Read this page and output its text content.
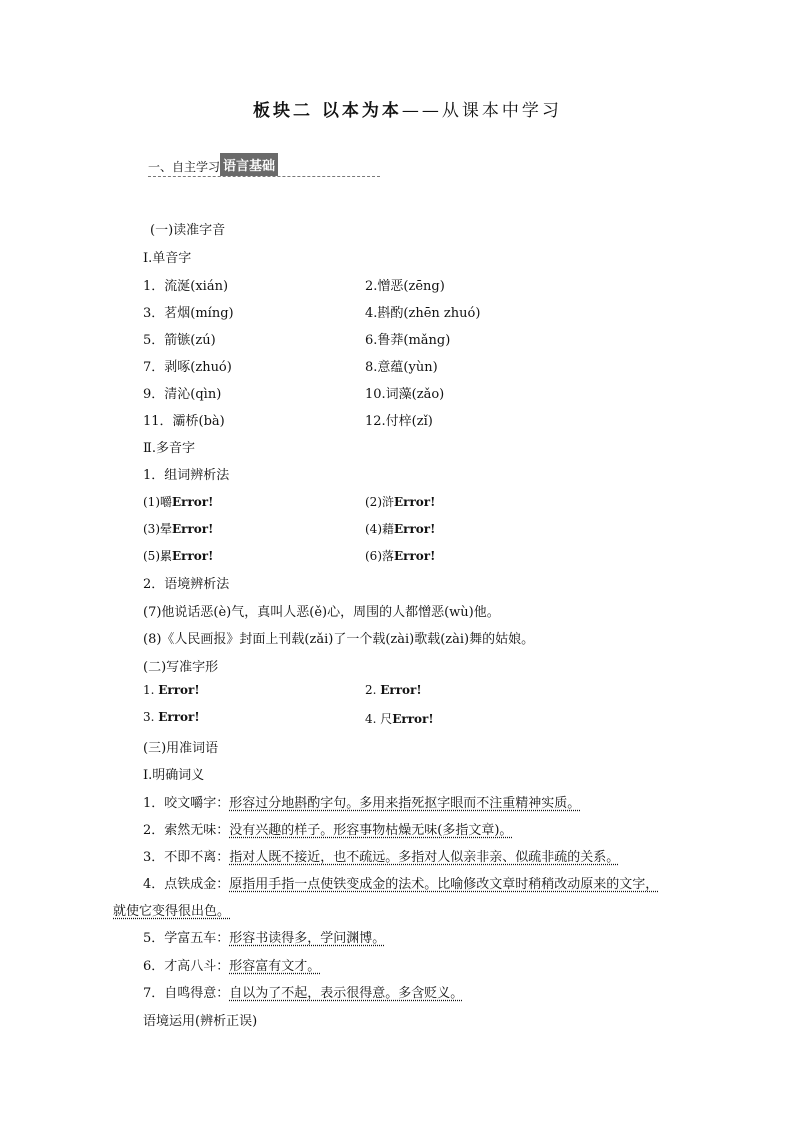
板块二 以本为本——从课本中学习
一、自主学习 语言基础
(一)读准字音
Ⅰ.单音字
1．流涎(xián)	2.憎恶(zēng)
3．茗烟(míng)	4.斟酌(zhēn zhuó)
5．箭镞(zú)	6.鲁莽(mǎng)
7．剥啄(zhuó)	8.意蕴(yùn)
9．清沁(qìn)	10.词藻(zǎo)
11．灞桥(bà)	12.付梓(zǐ)
Ⅱ.多音字
1．组词辨析法
(1)嚼Error!	(2)浒Error!
(3)晕Error!	(4)藉Error!
(5)累Error!	(6)落Error!
2．语境辨析法
(7)他说话恶(è)气，真叫人恶(ě)心，周围的人都憎恶(wù)他。
(8)《人民画报》封面上刊载(zǎi)了一个载(zài)歌载(zài)舞的姑娘。
(二)写准字形
1. Error!	2. Error!
3. Error!	4. 尺Error!
(三)用准词语
Ⅰ.明确词义
1．咬文嚼字：形容过分地斟酌字句。多用来指死抠字眼而不注重精神实质。
2．索然无味：没有兴趣的样子。形容事物枯燥无味(多指文章)。
3．不即不离：指对人既不接近，也不疏远。多指对人似亲非亲、似疏非疏的关系。
4．点铁成金：原指用手指一点使铁变成金的法术。比喻修改文章时稍稍改动原来的文字，
就使它变得很出色。
5．学富五车：形容书读得多，学问渊博。
6．才高八斗：形容富有文才。
7．自鸣得意：自以为了不起，表示很得意。多含贬义。
语境运用(辨析正误)
